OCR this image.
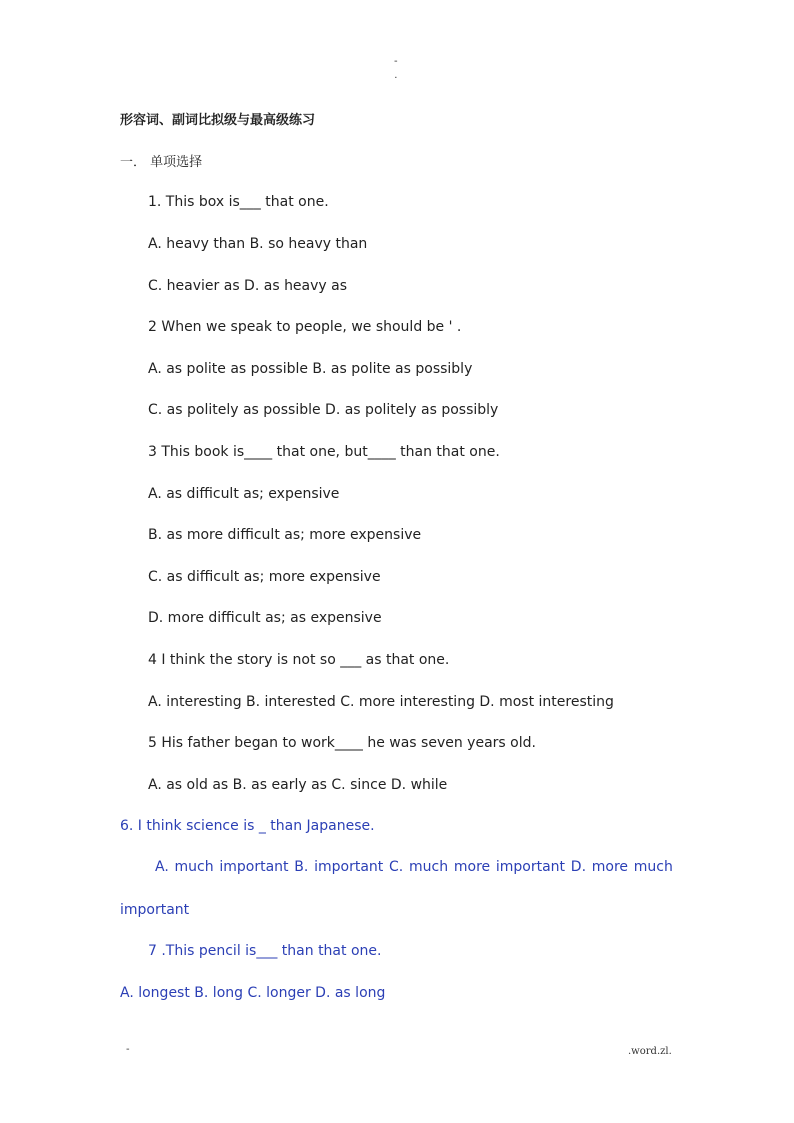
-
.
形容词、副词比拟级与最高级练习
一． 单项选择
1. This box is___ that one.
A. heavy than B. so heavy than
C. heavier as D. as heavy as
2 When we speak to people, we should be ' .
A. as polite as possible B. as polite as possibly
C. as politely as possible D. as politely as possibly
3 This book is____ that one, but____ than that one.
A. as difficult as; expensive
B. as more difficult as; more expensive
C. as difficult as; more expensive
D. more difficult as; as expensive
4 I think the story is not so ___ as that one.
A. interesting B. interested C. more interesting D. most interesting
5 His father began to work____ he was seven years old.
A. as old as B. as early as C. since D. while
6. I think science is _ than Japanese.
A. much important B. important C. much more important D. more much
important
7 .This pencil is___ than that one.
A. longest B. long C. longer D. as long
-	.word.zl.
